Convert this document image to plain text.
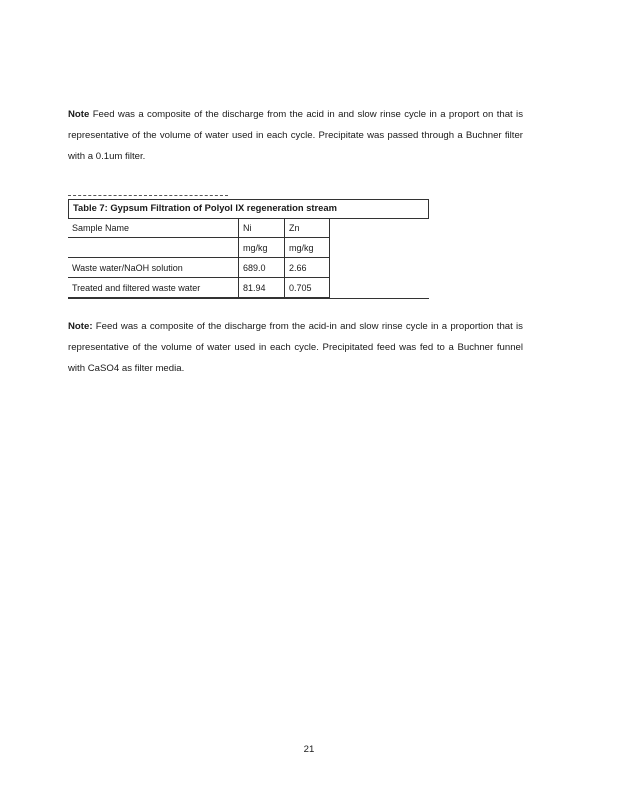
Note Feed was a composite of the discharge from the acid in and slow rinse cycle in a proport on that is representative of the volume of water used in each cycle. Precipitate was passed through a Buchner filter with a 0.1um filter.
Table 7: Gypsum Filtration of Polyol IX regeneration stream
Sample Name	Ni	Zn
	mg/kg	mg/kg
Waste water/NaOH solution	689.0	2.66
Treated and filtered waste water	81.94	0.705
Note: Feed was a composite of the discharge from the acid-in and slow rinse cycle in a proportion that is representative of the volume of water used in each cycle. Precipitated feed was fed to a Buchner funnel with CaSO4 as filter media.
21
